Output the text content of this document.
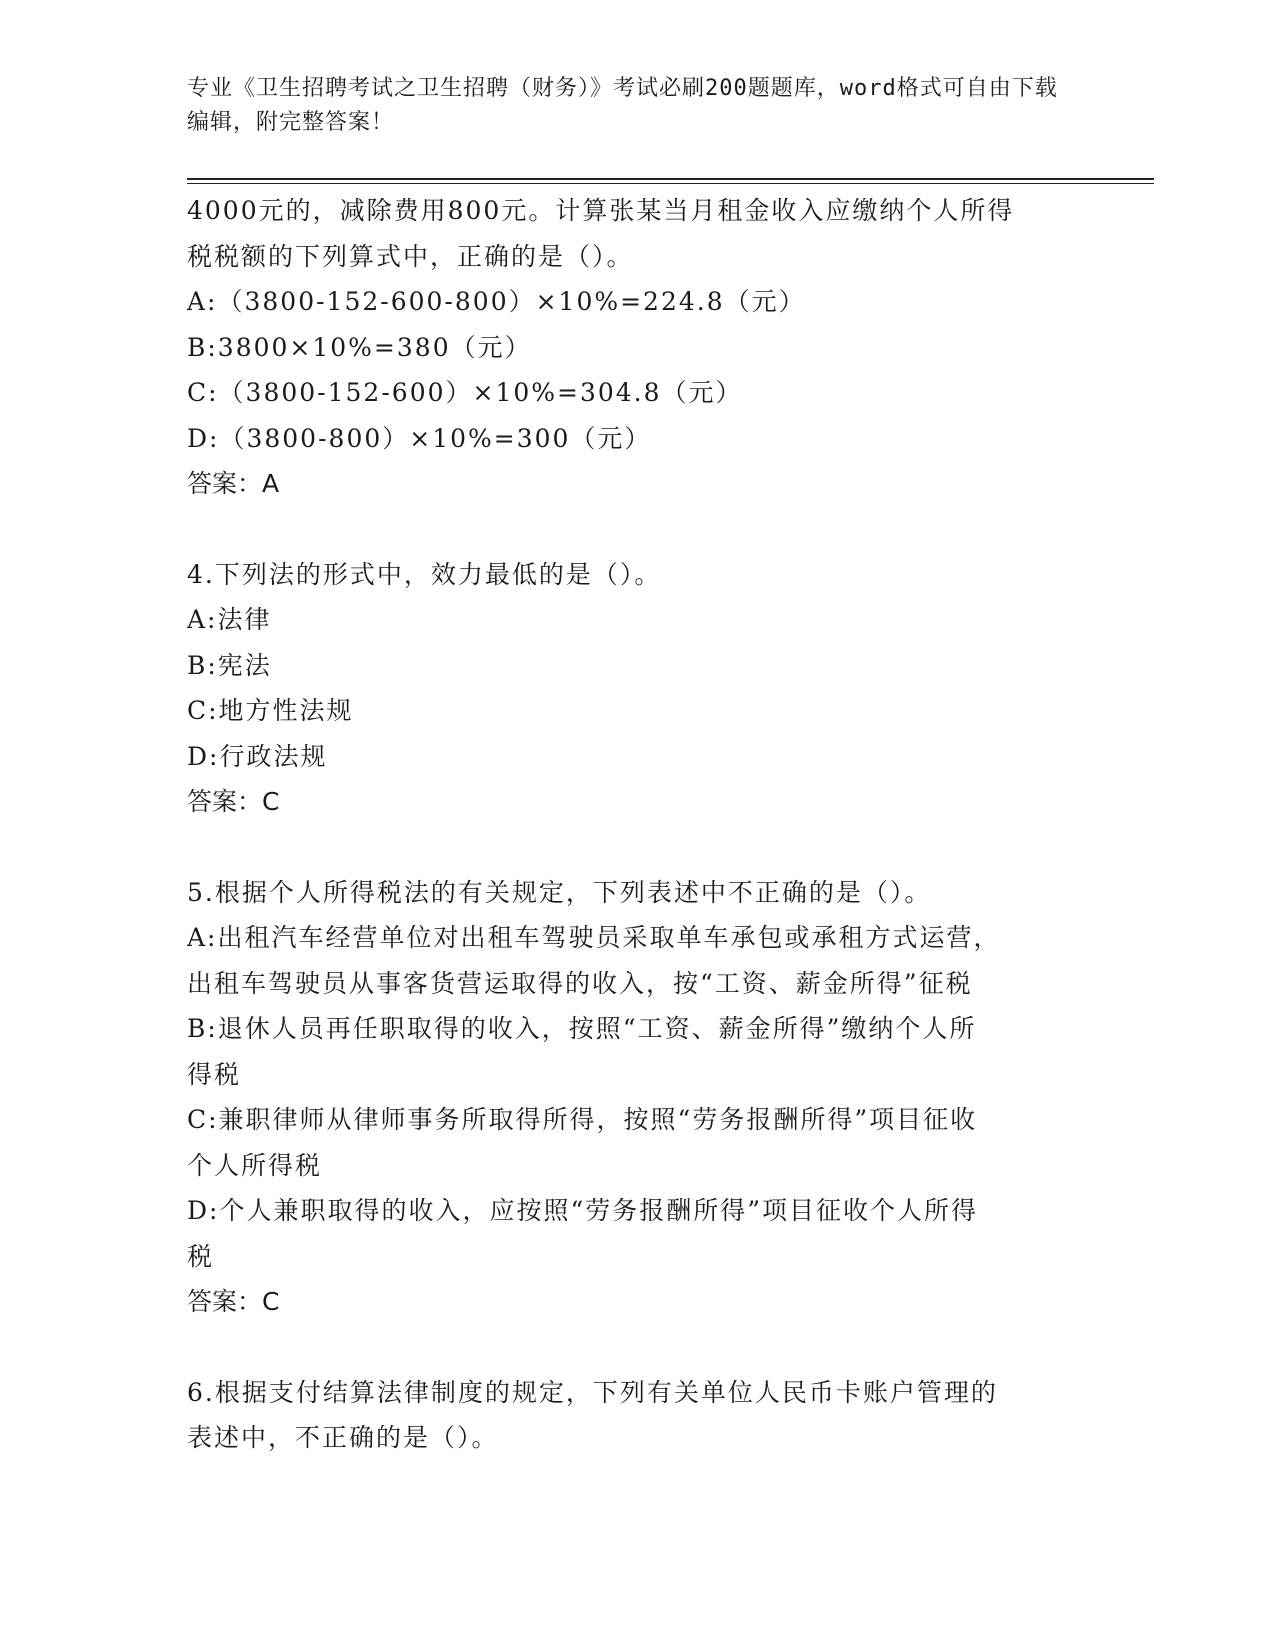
专业《卫生招聘考试之卫生招聘（财务）》考试必刷200题题库，word格式可自由下载编辑，附完整答案！
4000元的，减除费用800元。计算张某当月租金收入应缴纳个人所得
税税额的下列算式中，正确的是（）。
A:（3800-152-600-800）×10%=224.8（元）
B:3800×10%=380（元）
C:（3800-152-600）×10%=304.8（元）
D:（3800-800）×10%=300（元）
答案：A
4.下列法的形式中，效力最低的是（）。
A:法律
B:宪法
C:地方性法规
D:行政法规
答案：C
5.根据个人所得税法的有关规定，下列表述中不正确的是（）。
A:出租汽车经营单位对出租车驾驶员采取单车承包或承租方式运营，
出租车驾驶员从事客货营运取得的收入，按“工资、薪金所得”征税
B:退休人员再任职取得的收入，按照“工资、薪金所得”缴纳个人所
得税
C:兼职律师从律师事务所取得所得，按照“劳务报酬所得”项目征收
个人所得税
D:个人兼职取得的收入，应按照“劳务报酬所得”项目征收个人所得
税
答案：C
6.根据支付结算法律制度的规定，下列有关单位人民币卡账户管理的
表述中，不正确的是（）。
